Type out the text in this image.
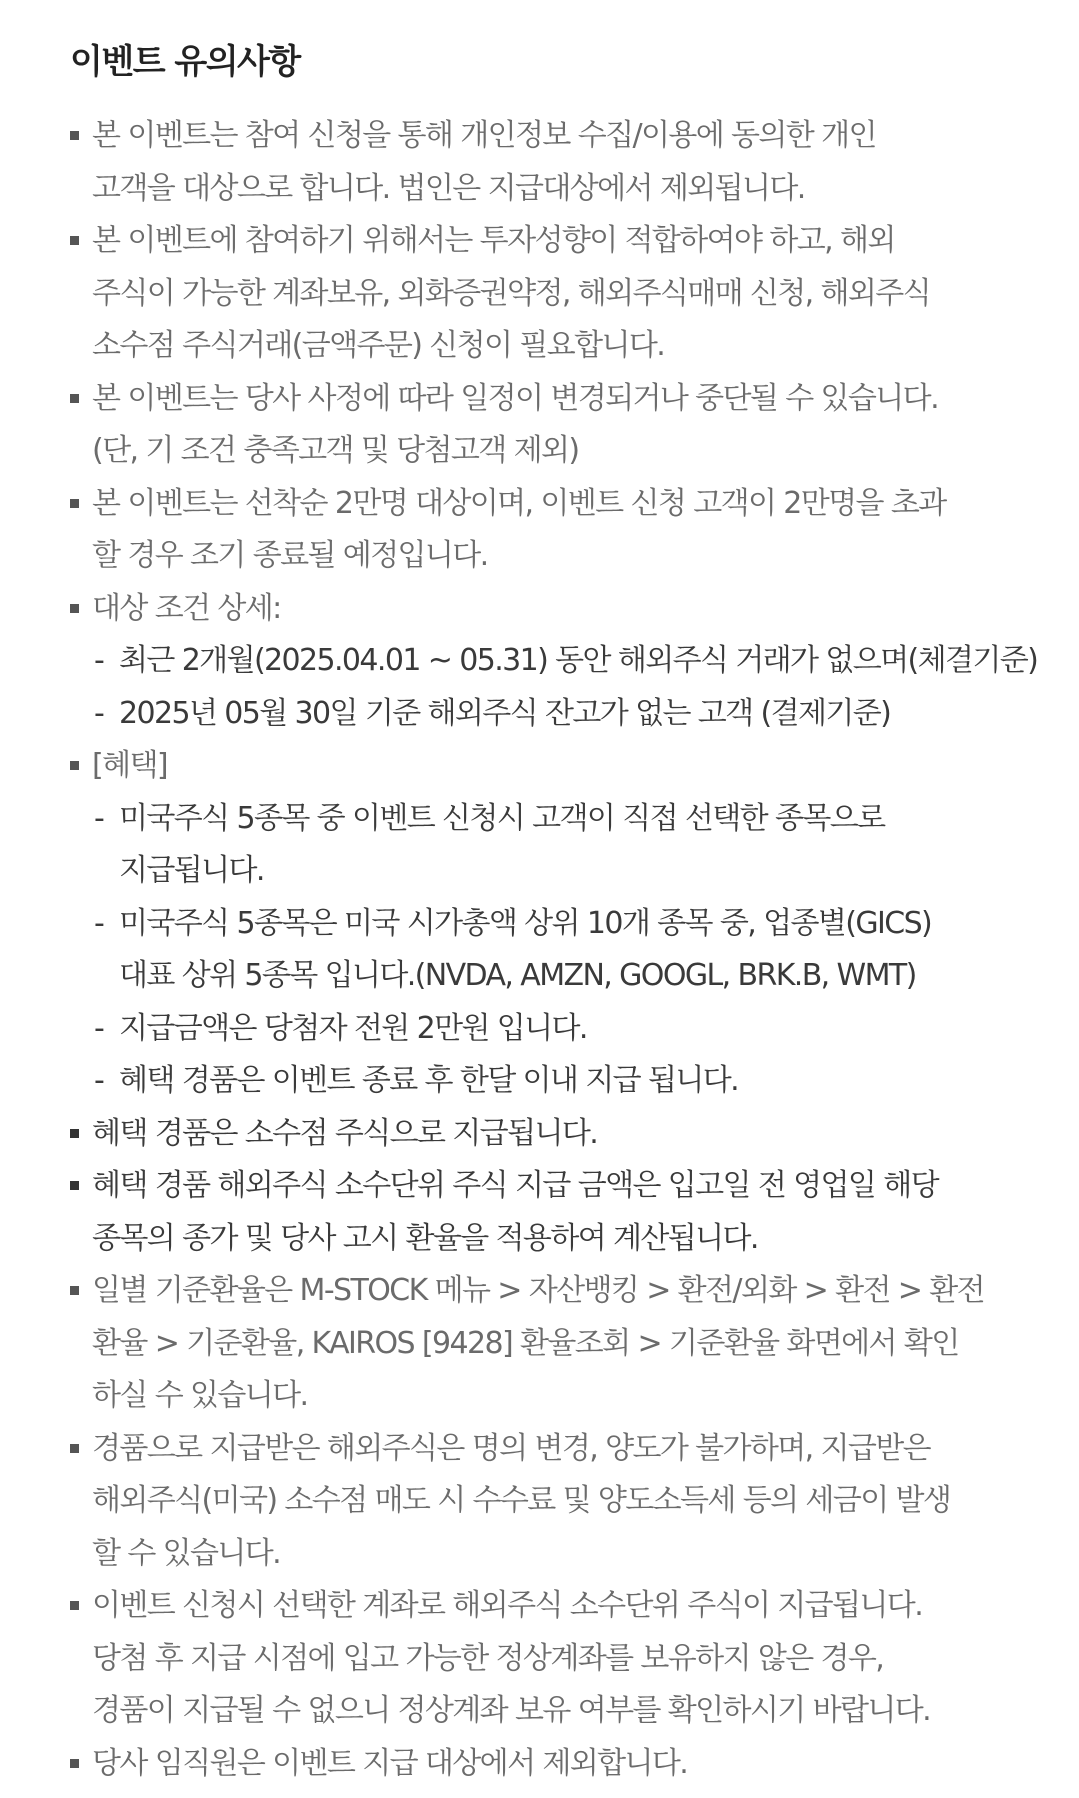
이벤트 유의사항
본 이벤트는 참여 신청을 통해 개인정보 수집/이용에 동의한 개인
고객을 대상으로 합니다. 법인은 지급대상에서 제외됩니다.
본 이벤트에 참여하기 위해서는 투자성향이 적합하여야 하고, 해외
주식이 가능한 계좌보유, 외화증권약정, 해외주식매매 신청, 해외주식
소수점 주식거래(금액주문) 신청이 필요합니다.
본 이벤트는 당사 사정에 따라 일정이 변경되거나 중단될 수 있습니다.
(단, 기 조건 충족고객 및 당첨고객 제외)
본 이벤트는 선착순 2만명 대상이며, 이벤트 신청 고객이 2만명을 초과
할 경우 조기 종료될 예정입니다.
대상 조건 상세:
- 최근 2개월(2025.04.01 ~ 05.31) 동안 해외주식 거래가 없으며(체결기준)
- 2025년 05월 30일 기준 해외주식 잔고가 없는 고객 (결제기준)
[혜택]
- 미국주식 5종목 중 이벤트 신청시 고객이 직접 선택한 종목으로
지급됩니다.
- 미국주식 5종목은 미국 시가총액 상위 10개 종목 중, 업종별(GICS)
대표 상위 5종목 입니다.(NVDA, AMZN, GOOGL, BRK.B, WMT)
- 지급금액은 당첨자 전원 2만원 입니다.
- 혜택 경품은 이벤트 종료 후 한달 이내 지급 됩니다.
혜택 경품은 소수점 주식으로 지급됩니다.
혜택 경품 해외주식 소수단위 주식 지급 금액은 입고일 전 영업일 해당
종목의 종가 및 당사 고시 환율을 적용하여 계산됩니다.
일별 기준환율은 M-STOCK 메뉴 > 자산뱅킹 > 환전/외화 > 환전 > 환전
환율 > 기준환율, KAIROS [9428] 환율조회 > 기준환율 화면에서 확인
하실 수 있습니다.
경품으로 지급받은 해외주식은 명의 변경, 양도가 불가하며, 지급받은
해외주식(미국) 소수점 매도 시 수수료 및 양도소득세 등의 세금이 발생
할 수 있습니다.
이벤트 신청시 선택한 계좌로 해외주식 소수단위 주식이 지급됩니다.
당첨 후 지급 시점에 입고 가능한 정상계좌를 보유하지 않은 경우,
경품이 지급될 수 없으니 정상계좌 보유 여부를 확인하시기 바랍니다.
당사 임직원은 이벤트 지급 대상에서 제외합니다.
